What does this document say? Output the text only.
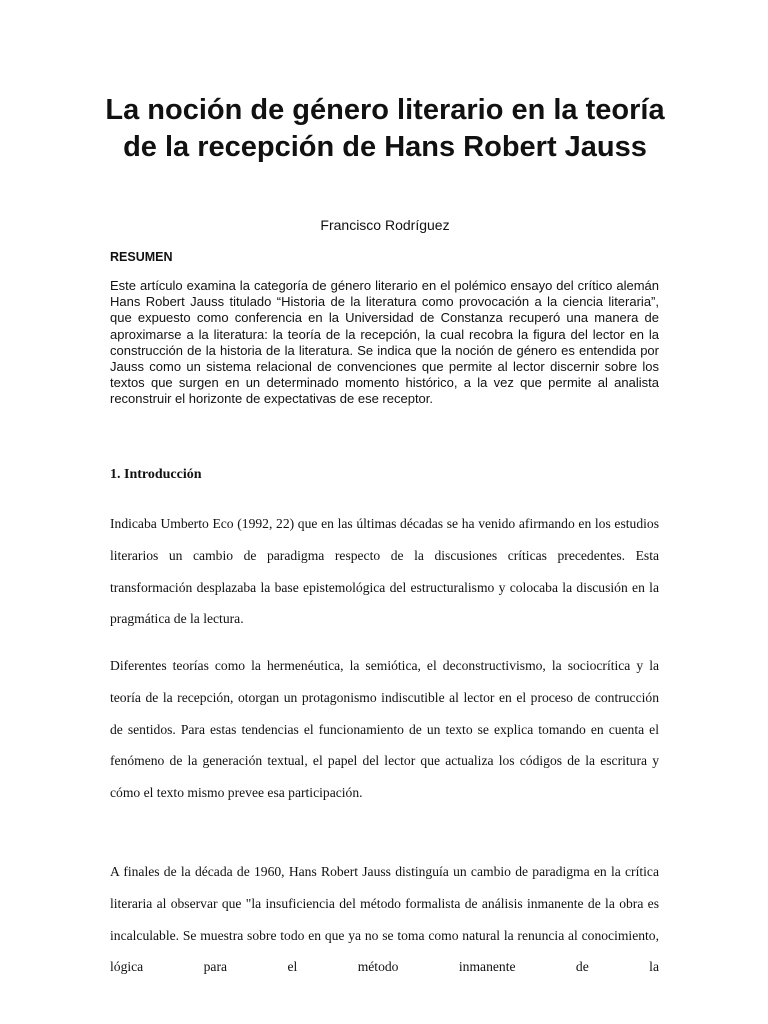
La noción de género literario en la teoría de la recepción de Hans Robert Jauss
Francisco Rodríguez
RESUMEN

Este artículo examina la categoría de género literario en el polémico ensayo del crítico alemán Hans Robert Jauss titulado “Historia de la literatura como provocación a la ciencia literaria”, que expuesto como conferencia en la Universidad de Constanza recuperó una manera de aproximarse a la literatura: la teoría de la recepción, la cual recobra la figura del lector en la construcción de la historia de la literatura. Se indica que la noción de género es entendida por Jauss como un sistema relacional de convenciones que permite al lector discernir sobre los textos que surgen en un determinado momento histórico, a la vez que permite al analista reconstruir el horizonte de expectativas de ese receptor.

1. Introducción

Indicaba Umberto Eco (1992, 22) que en las últimas décadas se ha venido afirmando en los estudios literarios un cambio de paradigma respecto de la discusiones críticas precedentes. Esta transformación desplazaba la base epistemológica del estructuralismo y colocaba la discusión en la pragmática de la lectura.

Diferentes teorías como la hermenéutica, la semiótica, el deconstructivismo, la sociocrítica y la teoría de la recepción, otorgan un protagonismo indiscutible al lector en el proceso de contrucción de sentidos. Para estas tendencias el funcionamiento de un texto se explica tomando en cuenta el fenómeno de la generación textual, el papel del lector que actualiza los códigos de la escritura y cómo el texto mismo prevee esa participación.

A finales de la década de 1960, Hans Robert Jauss distinguía un cambio de paradigma en la crítica literaria al observar que "la insuficiencia del método formalista de análisis inmanente de la obra es incalculable. Se muestra sobre todo en que ya no se toma como natural la renuncia al conocimiento, lógica para el método inmanente de la
